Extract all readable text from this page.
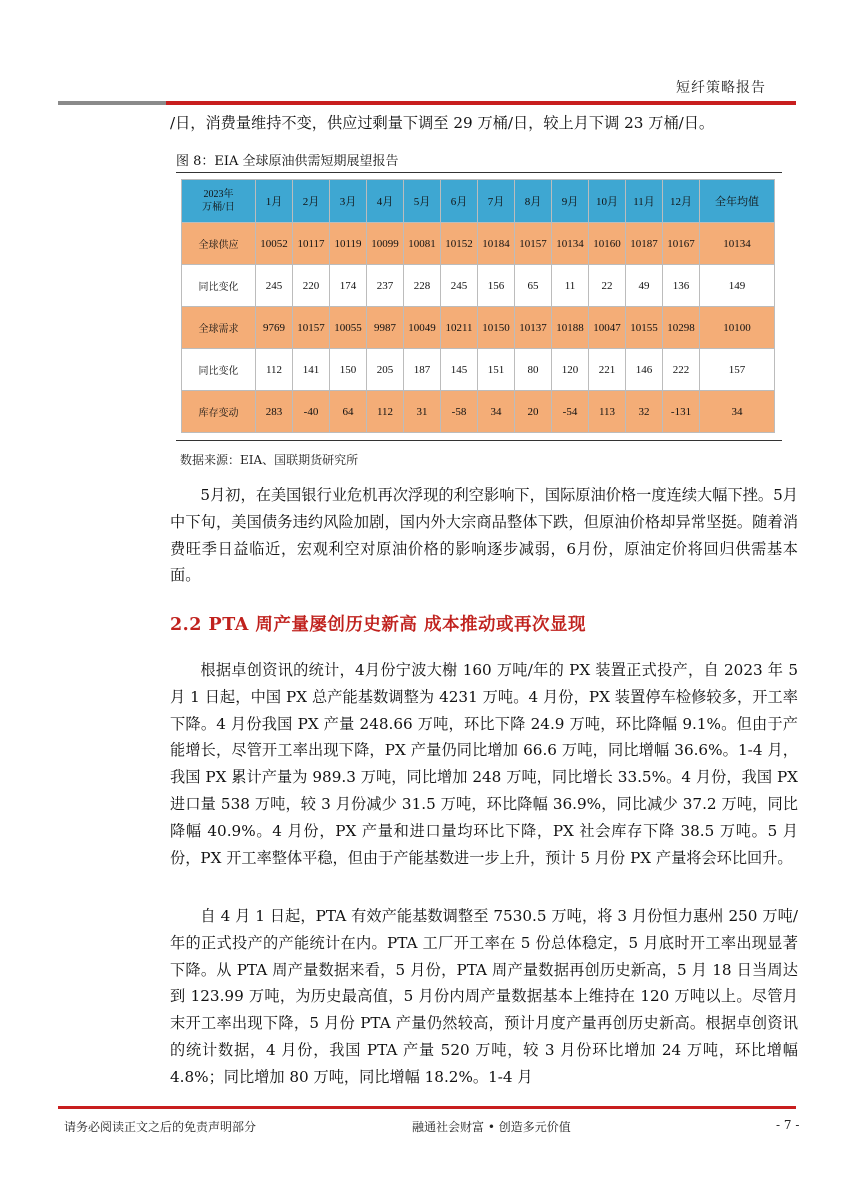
短纤策略报告
/日，消费量维持不变，供应过剩量下调至 29 万桶/日，较上月下调 23 万桶/日。
图 8：EIA 全球原油供需短期展望报告
2023年
万桶/日	1月	2月	3月	4月	5月	6月	7月	8月	9月	10月	11月	12月	全年均值
全球供应	10052	10117	10119	10099	10081	10152	10184	10157	10134	10160	10187	10167	10134
同比变化	245	220	174	237	228	245	156	65	11	22	49	136	149
全球需求	9769	10157	10055	9987	10049	10211	10150	10137	10188	10047	10155	10298	10100
同比变化	112	141	150	205	187	145	151	80	120	221	146	222	157
库存变动	283	-40	64	112	31	-58	34	20	-54	113	32	-131	34
数据来源：EIA、国联期货研究所
5月初，在美国银行业危机再次浮现的利空影响下，国际原油价格一度连续大幅下挫。5月中下旬，美国债务违约风险加剧，国内外大宗商品整体下跌，但原油价格却异常坚挺。随着消费旺季日益临近，宏观利空对原油价格的影响逐步减弱，6月份，原油定价将回归供需基本面。
2.2 PTA 周产量屡创历史新高 成本推动或再次显现
根据卓创资讯的统计，4月份宁波大榭 160 万吨/年的 PX 装置正式投产，自 2023 年 5 月 1 日起，中国 PX 总产能基数调整为 4231 万吨。4 月份，PX 装置停车检修较多，开工率下降。4 月份我国 PX 产量 248.66 万吨，环比下降 24.9 万吨，环比降幅 9.1%。但由于产能增长，尽管开工率出现下降，PX 产量仍同比增加 66.6 万吨，同比增幅 36.6%。1-4 月，我国 PX 累计产量为 989.3 万吨，同比增加 248 万吨，同比增长 33.5%。4 月份，我国 PX 进口量 538 万吨，较 3 月份减少 31.5 万吨，环比降幅 36.9%，同比减少 37.2 万吨，同比降幅 40.9%。4 月份，PX 产量和进口量均环比下降，PX 社会库存下降 38.5 万吨。5 月份，PX 开工率整体平稳，但由于产能基数进一步上升，预计 5 月份 PX 产量将会环比回升。
自 4 月 1 日起，PTA 有效产能基数调整至 7530.5 万吨，将 3 月份恒力惠州 250 万吨/年的正式投产的产能统计在内。PTA 工厂开工率在 5 份总体稳定，5 月底时开工率出现显著下降。从 PTA 周产量数据来看，5 月份，PTA 周产量数据再创历史新高，5 月 18 日当周达到 123.99 万吨，为历史最高值，5 月份内周产量数据基本上维持在 120 万吨以上。尽管月末开工率出现下降，5 月份 PTA 产量仍然较高，预计月度产量再创历史新高。根据卓创资讯的统计数据，4 月份，我国 PTA 产量 520 万吨，较 3 月份环比增加 24 万吨，环比增幅 4.8%；同比增加 80 万吨，同比增幅 18.2%。1-4 月
请务必阅读正文之后的免责声明部分	融通社会财富 • 创造多元价值	- 7 -
